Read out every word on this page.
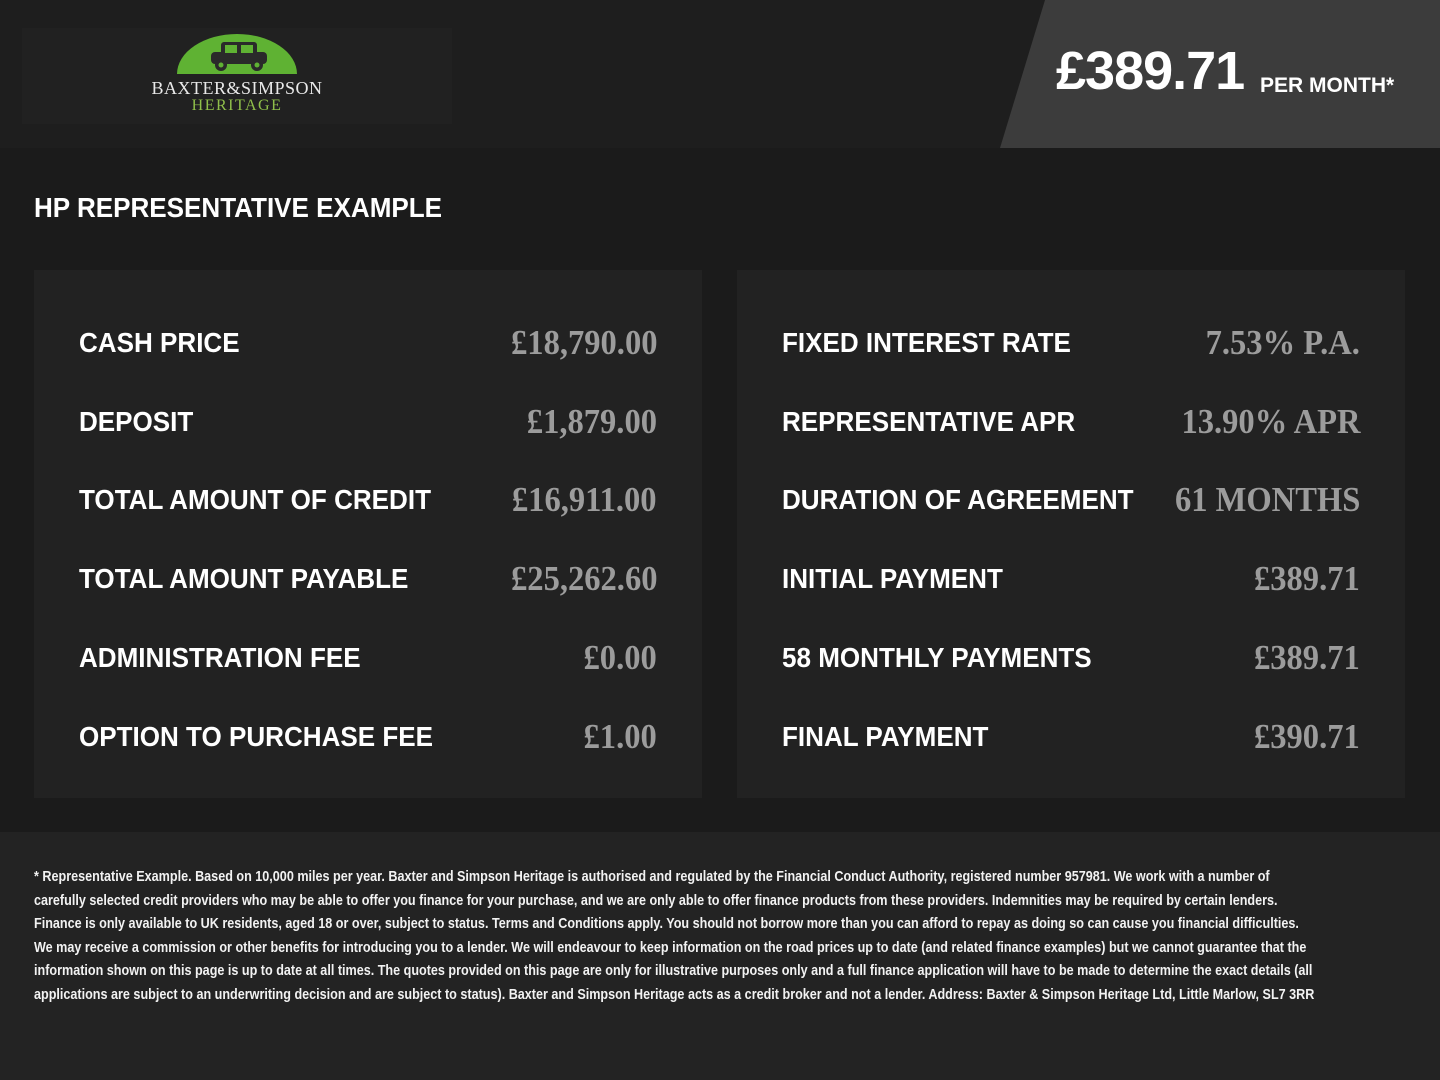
BAXTER&SIMPSON
HERITAGE
£389.71 PER MONTH*
HP REPRESENTATIVE EXAMPLE
CASH PRICE	£18,790.00
DEPOSIT	£1,879.00
TOTAL AMOUNT OF CREDIT £16,911.00
TOTAL AMOUNT PAYABLE	£25,262.60
ADMINISTRATION FEE	£0.00
OPTION TO PURCHASE FEE	£1.00
FIXED INTEREST RATE	7.53% P.A.
REPRESENTATIVE APR	13.90% APR
DURATION OF AGREEMENT 61 MONTHS
INITIAL PAYMENT	£389.71
58 MONTHLY PAYMENTS	£389.71
FINAL PAYMENT	£390.71
* Representative Example. Based on 10,000 miles per year. Baxter and Simpson Heritage is authorised and regulated by the Financial Conduct Authority, registered number 957981. We work with a number of carefully selected credit providers who may be able to offer you finance for your purchase, and we are only able to offer finance products from these providers. Indemnities may be required by certain lenders. Finance is only available to UK residents, aged 18 or over, subject to status. Terms and Conditions apply. You should not borrow more than you can afford to repay as doing so can cause you financial difficulties. We may receive a commission or other benefits for introducing you to a lender. We will endeavour to keep information on the road prices up to date (and related finance examples) but we cannot guarantee that the information shown on this page is up to date at all times. The quotes provided on this page are only for illustrative purposes only and a full finance application will have to be made to determine the exact details (all applications are subject to an underwriting decision and are subject to status). Baxter and Simpson Heritage acts as a credit broker and not a lender. Address: Baxter & Simpson Heritage Ltd, Little Marlow, SL7 3RR
